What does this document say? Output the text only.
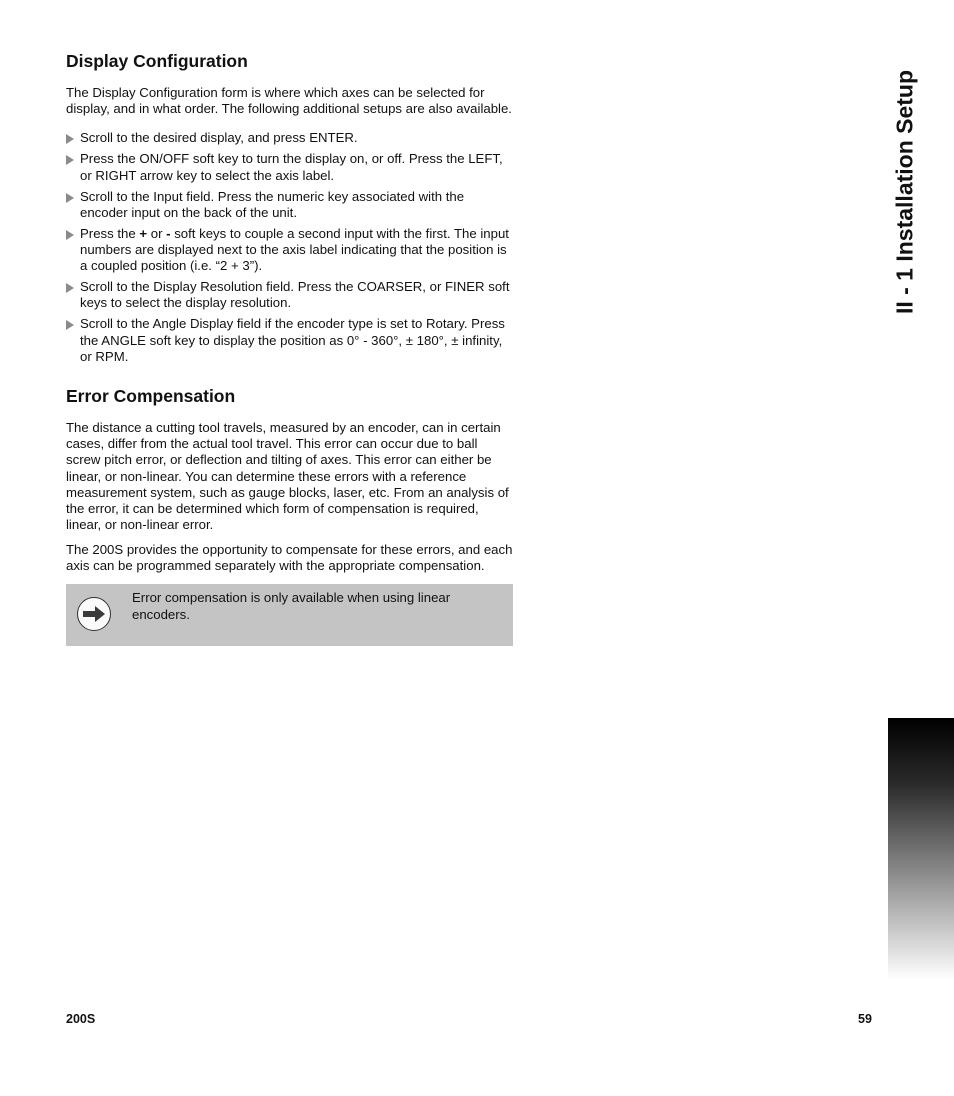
Display Configuration

The Display Configuration form is where which axes can be selected for display, and in what order. The following additional setups are also available.

Scroll to the desired display, and press ENTER.
Press the ON/OFF soft key to turn the display on, or off. Press the LEFT, or RIGHT arrow key to select the axis label.
Scroll to the Input field. Press the numeric key associated with the encoder input on the back of the unit.
Press the + or - soft keys to couple a second input with the first. The input numbers are displayed next to the axis label indicating that the position is a coupled position (i.e. “2 + 3”).
Scroll to the Display Resolution field. Press the COARSER, or FINER soft keys to select the display resolution.
Scroll to the Angle Display field if the encoder type is set to Rotary. Press the ANGLE soft key to display the position as 0° - 360°, ± 180°, ± infinity, or RPM.
Error Compensation

The distance a cutting tool travels, measured by an encoder, can in certain cases, differ from the actual tool travel. This error can occur due to ball screw pitch error, or deflection and tilting of axes. This error can either be linear, or non-linear. You can determine these errors with a reference measurement system, such as gauge blocks, laser, etc. From an analysis of the error, it can be determined which form of compensation is required, linear, or non-linear error.

The 200S provides the opportunity to compensate for these errors, and each axis can be programmed separately with the appropriate compensation.

Error compensation is only available when using linear encoders.

II - 1 Installation Setup
200S	59
